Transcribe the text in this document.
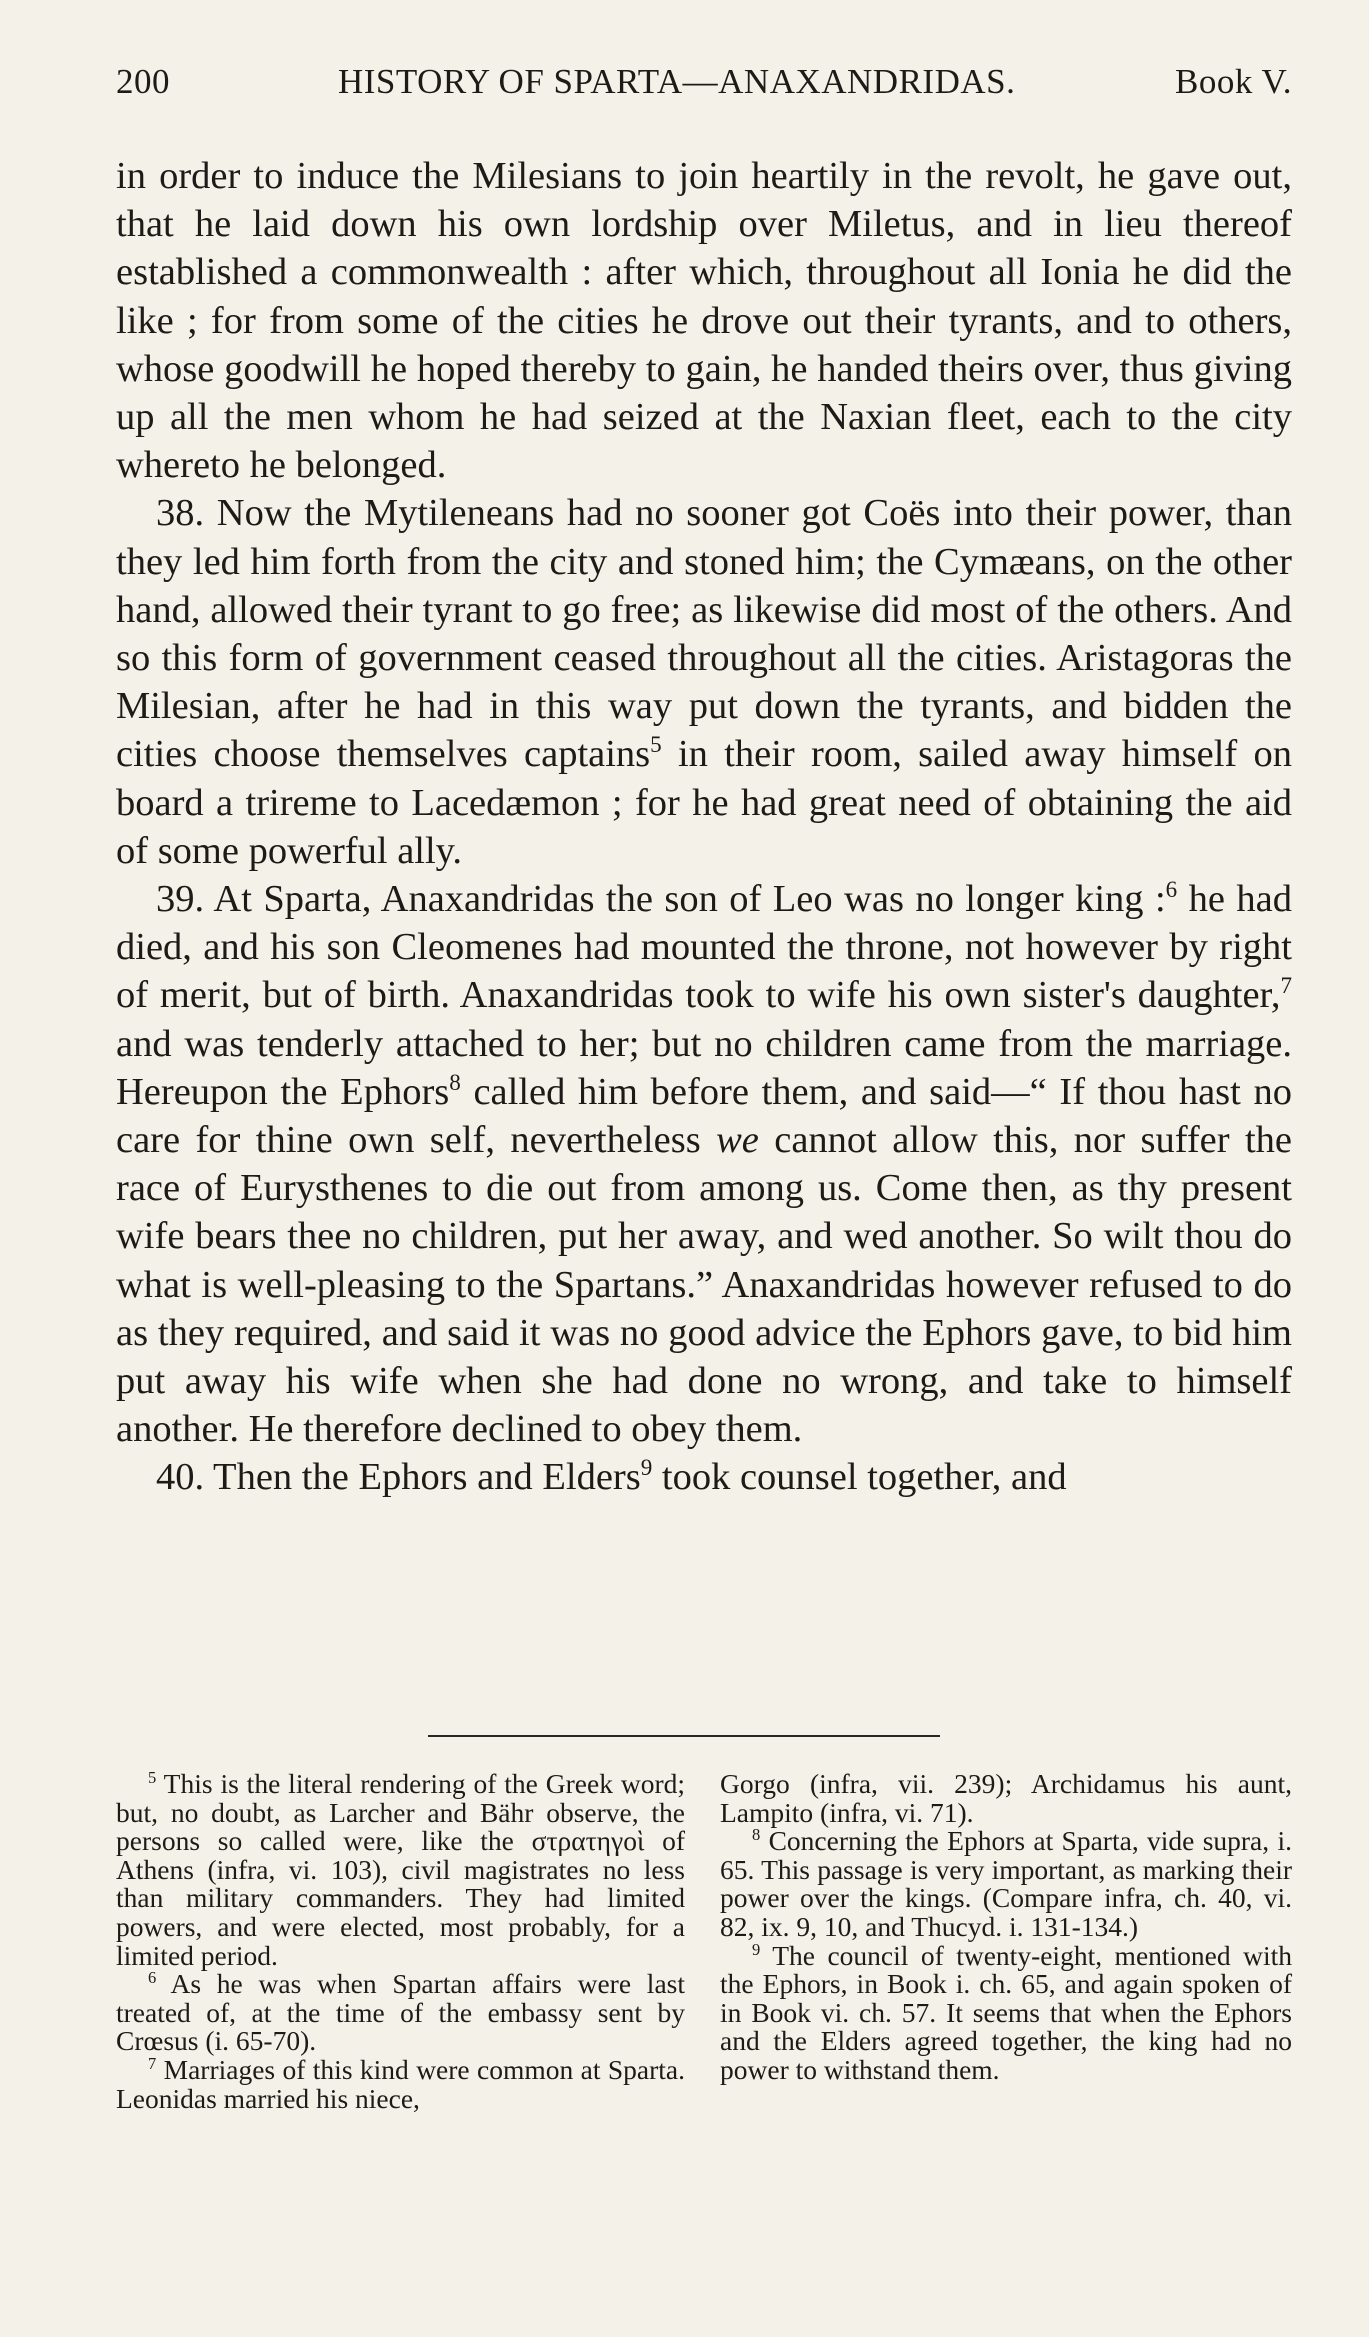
200	HISTORY OF SPARTA—ANAXANDRIDAS.	Book V.

in order to induce the Milesians to join heartily in the revolt, he gave out, that he laid down his own lordship over Miletus, and in lieu thereof established a commonwealth : after which, throughout all Ionia he did the like ; for from some of the cities he drove out their tyrants, and to others, whose goodwill he hoped thereby to gain, he handed theirs over, thus giving up all the men whom he had seized at the Naxian fleet, each to the city whereto he belonged.

38. Now the Mytileneans had no sooner got Coës into their power, than they led him forth from the city and stoned him; the Cymæans, on the other hand, allowed their tyrant to go free; as likewise did most of the others. And so this form of government ceased throughout all the cities. Aristagoras the Milesian, after he had in this way put down the tyrants, and bidden the cities choose themselves captains$^5$ in their room, sailed away himself on board a trireme to Lacedæmon ; for he had great need of obtaining the aid of some powerful ally.

39. At Sparta, Anaxandridas the son of Leo was no longer king :$^6$ he had died, and his son Cleomenes had mounted the throne, not however by right of merit, but of birth. Anaxandridas took to wife his own sister's daughter,$^7$ and was tenderly attached to her; but no children came from the marriage. Hereupon the Ephors$^8$ called him before them, and said—“ If thou hast no care for thine own self, nevertheless we cannot allow this, nor suffer the race of Eurysthenes to die out from among us. Come then, as thy present wife bears thee no children, put her away, and wed another. So wilt thou do what is well-pleasing to the Spartans.” Anaxandridas however refused to do as they required, and said it was no good advice the Ephors gave, to bid him put away his wife when she had done no wrong, and take to himself another. He therefore declined to obey them.

40. Then the Ephors and Elders$^9$ took counsel together, and

$^5$ This is the literal rendering of the Greek word; but, no doubt, as Larcher and Bähr observe, the persons so called were, like the στρατηγοὶ of Athens (infra, vi. 103), civil magistrates no less than military commanders. They had limited powers, and were elected, most probably, for a limited period.

$^6$ As he was when Spartan affairs were last treated of, at the time of the embassy sent by Crœsus (i. 65-70).

$^7$ Marriages of this kind were common at Sparta. Leonidas married his niece,

Gorgo (infra, vii. 239); Archidamus his aunt, Lampito (infra, vi. 71).

$^8$ Concerning the Ephors at Sparta, vide supra, i. 65. This passage is very important, as marking their power over the kings. (Compare infra, ch. 40, vi. 82, ix. 9, 10, and Thucyd. i. 131-134.)

$^9$ The council of twenty-eight, mentioned with the Ephors, in Book i. ch. 65, and again spoken of in Book vi. ch. 57. It seems that when the Ephors and the Elders agreed together, the king had no power to withstand them.
